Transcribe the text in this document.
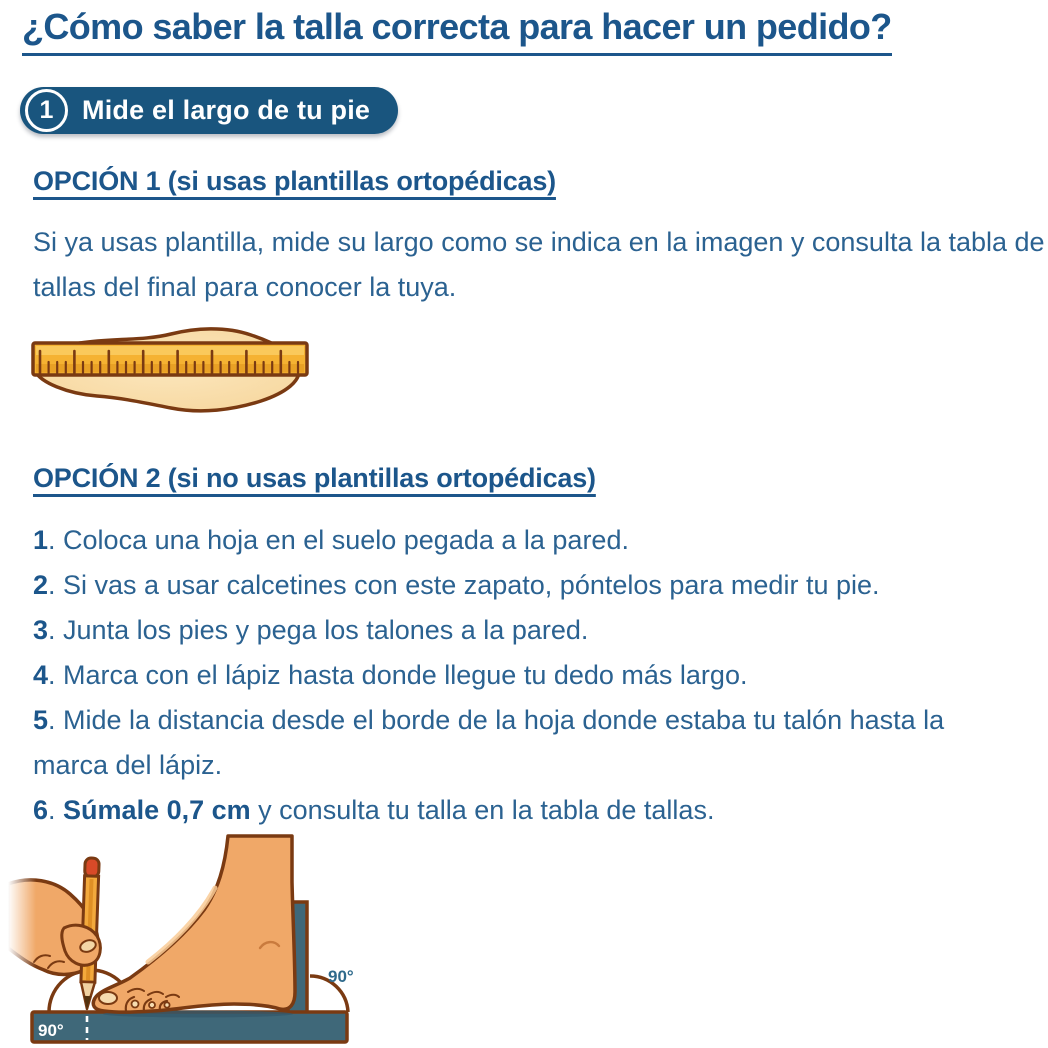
¿Cómo saber la talla correcta para hacer un pedido?
1 Mide el largo de tu pie
OPCIÓN 1 (si usas plantillas ortopédicas)

Si ya usas plantilla, mide su largo como se indica en la imagen y consulta la tabla de tallas del final para conocer la tuya.

OPCIÓN 2 (si no usas plantillas ortopédicas)

1. Coloca una hoja en el suelo pegada a la pared.

2. Si vas a usar calcetines con este zapato, póntelos para medir tu pie.

3. Junta los pies y pega los talones a la pared.

4. Marca con el lápiz hasta donde llegue tu dedo más largo.

5. Mide la distancia desde el borde de la hoja donde estaba tu talón hasta la marca del lápiz.

6. Súmale 0,7 cm y consulta tu talla en la tabla de tallas.

90°
90°
